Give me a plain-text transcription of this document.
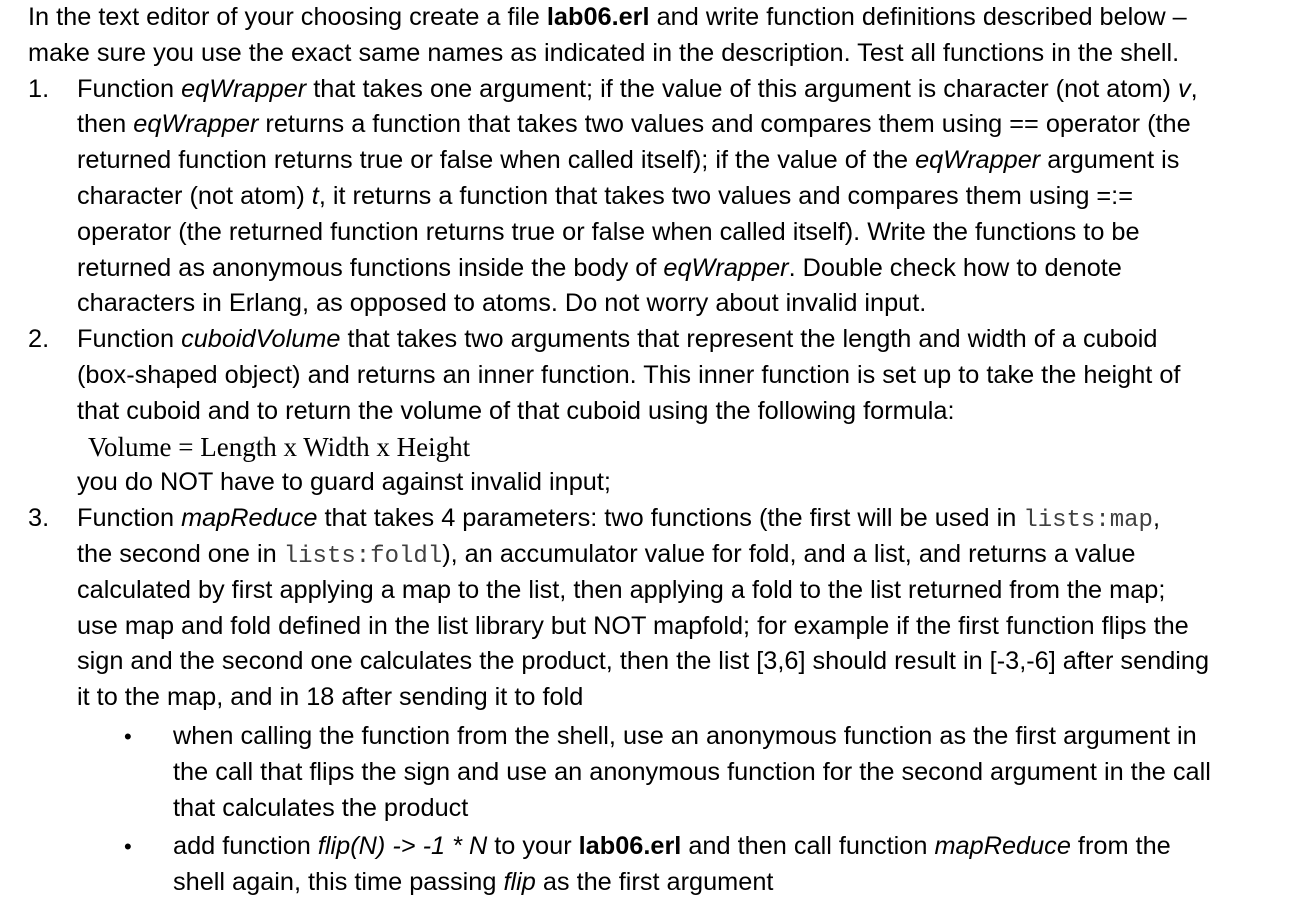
In the text editor of your choosing create a file lab06.erl and write function definitions described below –
make sure you use the exact same names as indicated in the description. Test all functions in the shell.
1. Function eqWrapper that takes one argument; if the value of this argument is character (not atom) v,
then eqWrapper returns a function that takes two values and compares them using == operator (the
returned function returns true or false when called itself); if the value of the eqWrapper argument is
character (not atom) t, it returns a function that takes two values and compares them using =:=
operator (the returned function returns true or false when called itself). Write the functions to be
returned as anonymous functions inside the body of eqWrapper. Double check how to denote
characters in Erlang, as opposed to atoms. Do not worry about invalid input.
2. Function cuboidVolume that takes two arguments that represent the length and width of a cuboid
(box-shaped object) and returns an inner function. This inner function is set up to take the height of
that cuboid and to return the volume of that cuboid using the following formula:
Volume = Length x Width x Height
you do NOT have to guard against invalid input;
3. Function mapReduce that takes 4 parameters: two functions (the first will be used in lists:map,
the second one in lists:foldl), an accumulator value for fold, and a list, and returns a value
calculated by first applying a map to the list, then applying a fold to the list returned from the map;
use map and fold defined in the list library but NOT mapfold; for example if the first function flips the
sign and the second one calculates the product, then the list [3,6] should result in [-3,-6] after sending
it to the map, and in 18 after sending it to fold
• when calling the function from the shell, use an anonymous function as the first argument in
the call that flips the sign and use an anonymous function for the second argument in the call
that calculates the product
• add function flip(N) -> -1 * N to your lab06.erl and then call function mapReduce from the
shell again, this time passing flip as the first argument
